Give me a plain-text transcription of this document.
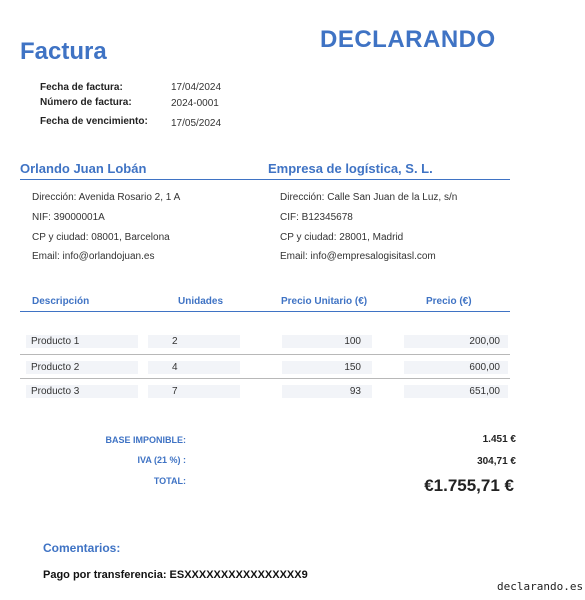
Factura	DECLARANDO
Fecha de factura:	17/04/2024
Número de factura:	2024-0001
Fecha de vencimiento: 17/05/2024
Orlando Juan Lobán	Empresa de logística, S. L.
Dirección: Avenida Rosario 2, 1 A
NIF: 39000001A
CP y ciudad: 08001, Barcelona
Email: info@orlandojuan.es
Dirección: Calle San Juan de la Luz, s/n
CIF: B12345678
CP y ciudad: 28001, Madrid
Email: info@empresalogisitasl.com
Descripción	Unidades	Precio Unitario (€)	Precio (€)
Producto 1	2	100	200,00
Producto 2	4	150	600,00
Producto 3	7	93	651,00
BASE IMPONIBLE:	1.451 €
IVA (21 %) :	304,71 €
TOTAL:	€1.755,71 €
Comentarios:
Pago por transferencia: ESXXXXXXXXXXXXXXXX9
declarando.es
